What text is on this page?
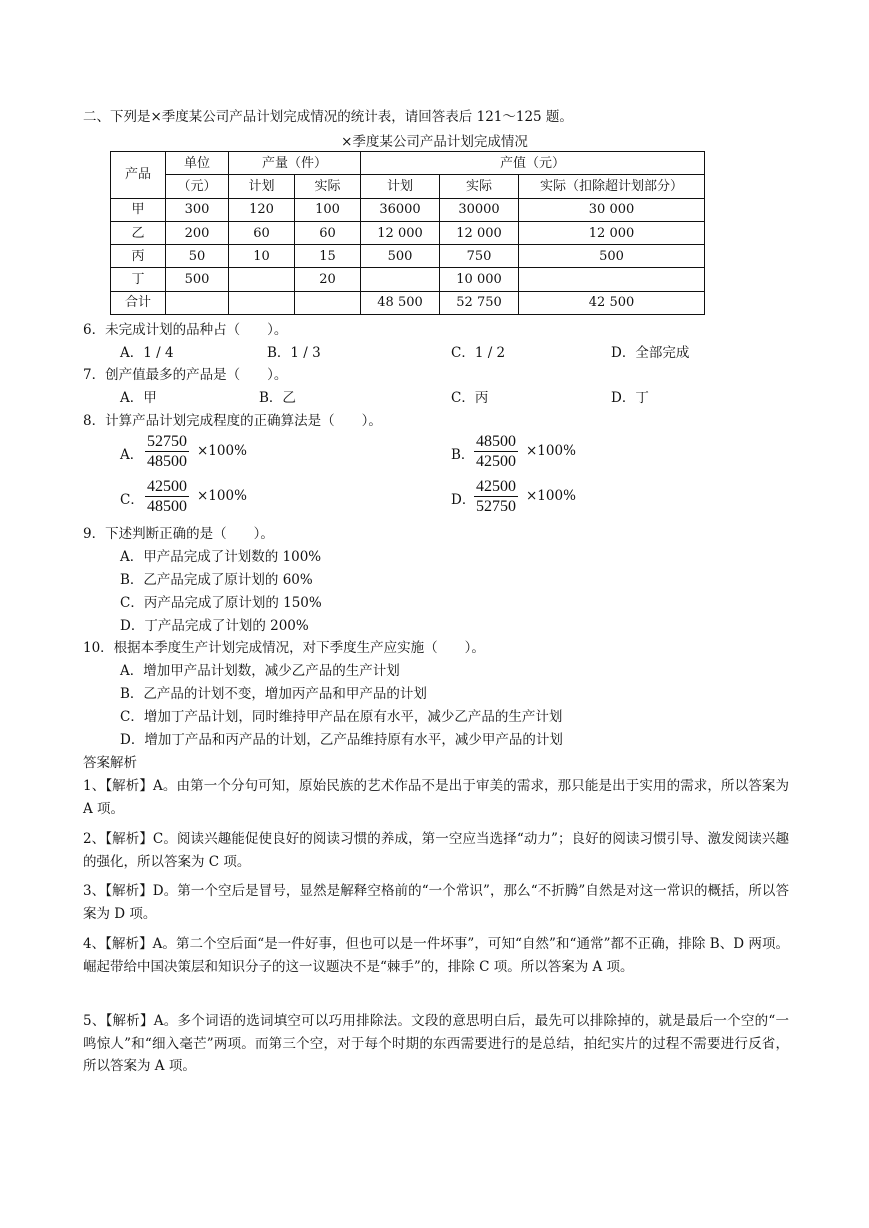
二、下列是×季度某公司产品计划完成情况的统计表，请回答表后 121～125 题。
×季度某公司产品计划完成情况
产品	单位	产量（件）		产值（元）		
	（元）	计划	实际	计划	实际	实际（扣除超计划部分）
甲	300	120	100	36000	30000	30 000
乙	200	60	60	12 000	12 000	12 000
丙	50	10	15	500	750	500
丁	500		20		10 000	
合计				48 500	52 750	42 500
6．未完成计划的品种占（　　）。
A．1 / 4	B．1 / 3	C．1 / 2	D．全部完成
7．创产值最多的产品是（　　）。
A．甲	B．乙	C．丙	D．丁
8．计算产品计划完成程度的正确算法是（　　）。
A． $\frac{52750}{48500} \times 100\%$	B． $\frac{48500}{42500} \times 100\%$
C． $\frac{42500}{48500} \times 100\%$	D．
$\frac{42500}{52750} \times 100\%$
9．下述判断正确的是（　　）。
A．甲产品完成了计划数的 100%
B．乙产品完成了原计划的 60%
C．丙产品完成了原计划的 150%
D．丁产品完成了计划的 200%
10．根据本季度生产计划完成情况，对下季度生产应实施（　　）。
A．增加甲产品计划数，减少乙产品的生产计划
B．乙产品的计划不变，增加丙产品和甲产品的计划
C．增加丁产品计划，同时维持甲产品在原有水平，减少乙产品的生产计划
D．增加丁产品和丙产品的计划，乙产品维持原有水平，减少甲产品的计划
答案解析
1、【解析】A。由第一个分句可知，原始民族的艺术作品不是出于审美的需求，那只能是出于实用的需求，所以答案为 A 项。
2、【解析】C。阅读兴趣能促使良好的阅读习惯的养成，第一空应当选择“动力”；良好的阅读习惯引导、激发阅读兴趣的强化，所以答案为 C 项。
3、【解析】D。第一个空后是冒号，显然是解释空格前的“一个常识”，那么“不折腾”自然是对这一常识的概括，所以答案为 D 项。
4、【解析】A。第二个空后面“是一件好事，但也可以是一件坏事”，可知“自然”和“通常”都不正确，排除 B、D 两项。崛起带给中国决策层和知识分子的这一议题决不是“棘手”的，排除 C 项。所以答案为 A 项。
5、【解析】A。多个词语的选词填空可以巧用排除法。文段的意思明白后，最先可以排除掉的，就是最后一个空的“一鸣惊人”和“细入毫芒”两项。而第三个空，对于每个时期的东西需要进行的是总结，拍纪实片的过程不需要进行反省，所以答案为 A 项。
